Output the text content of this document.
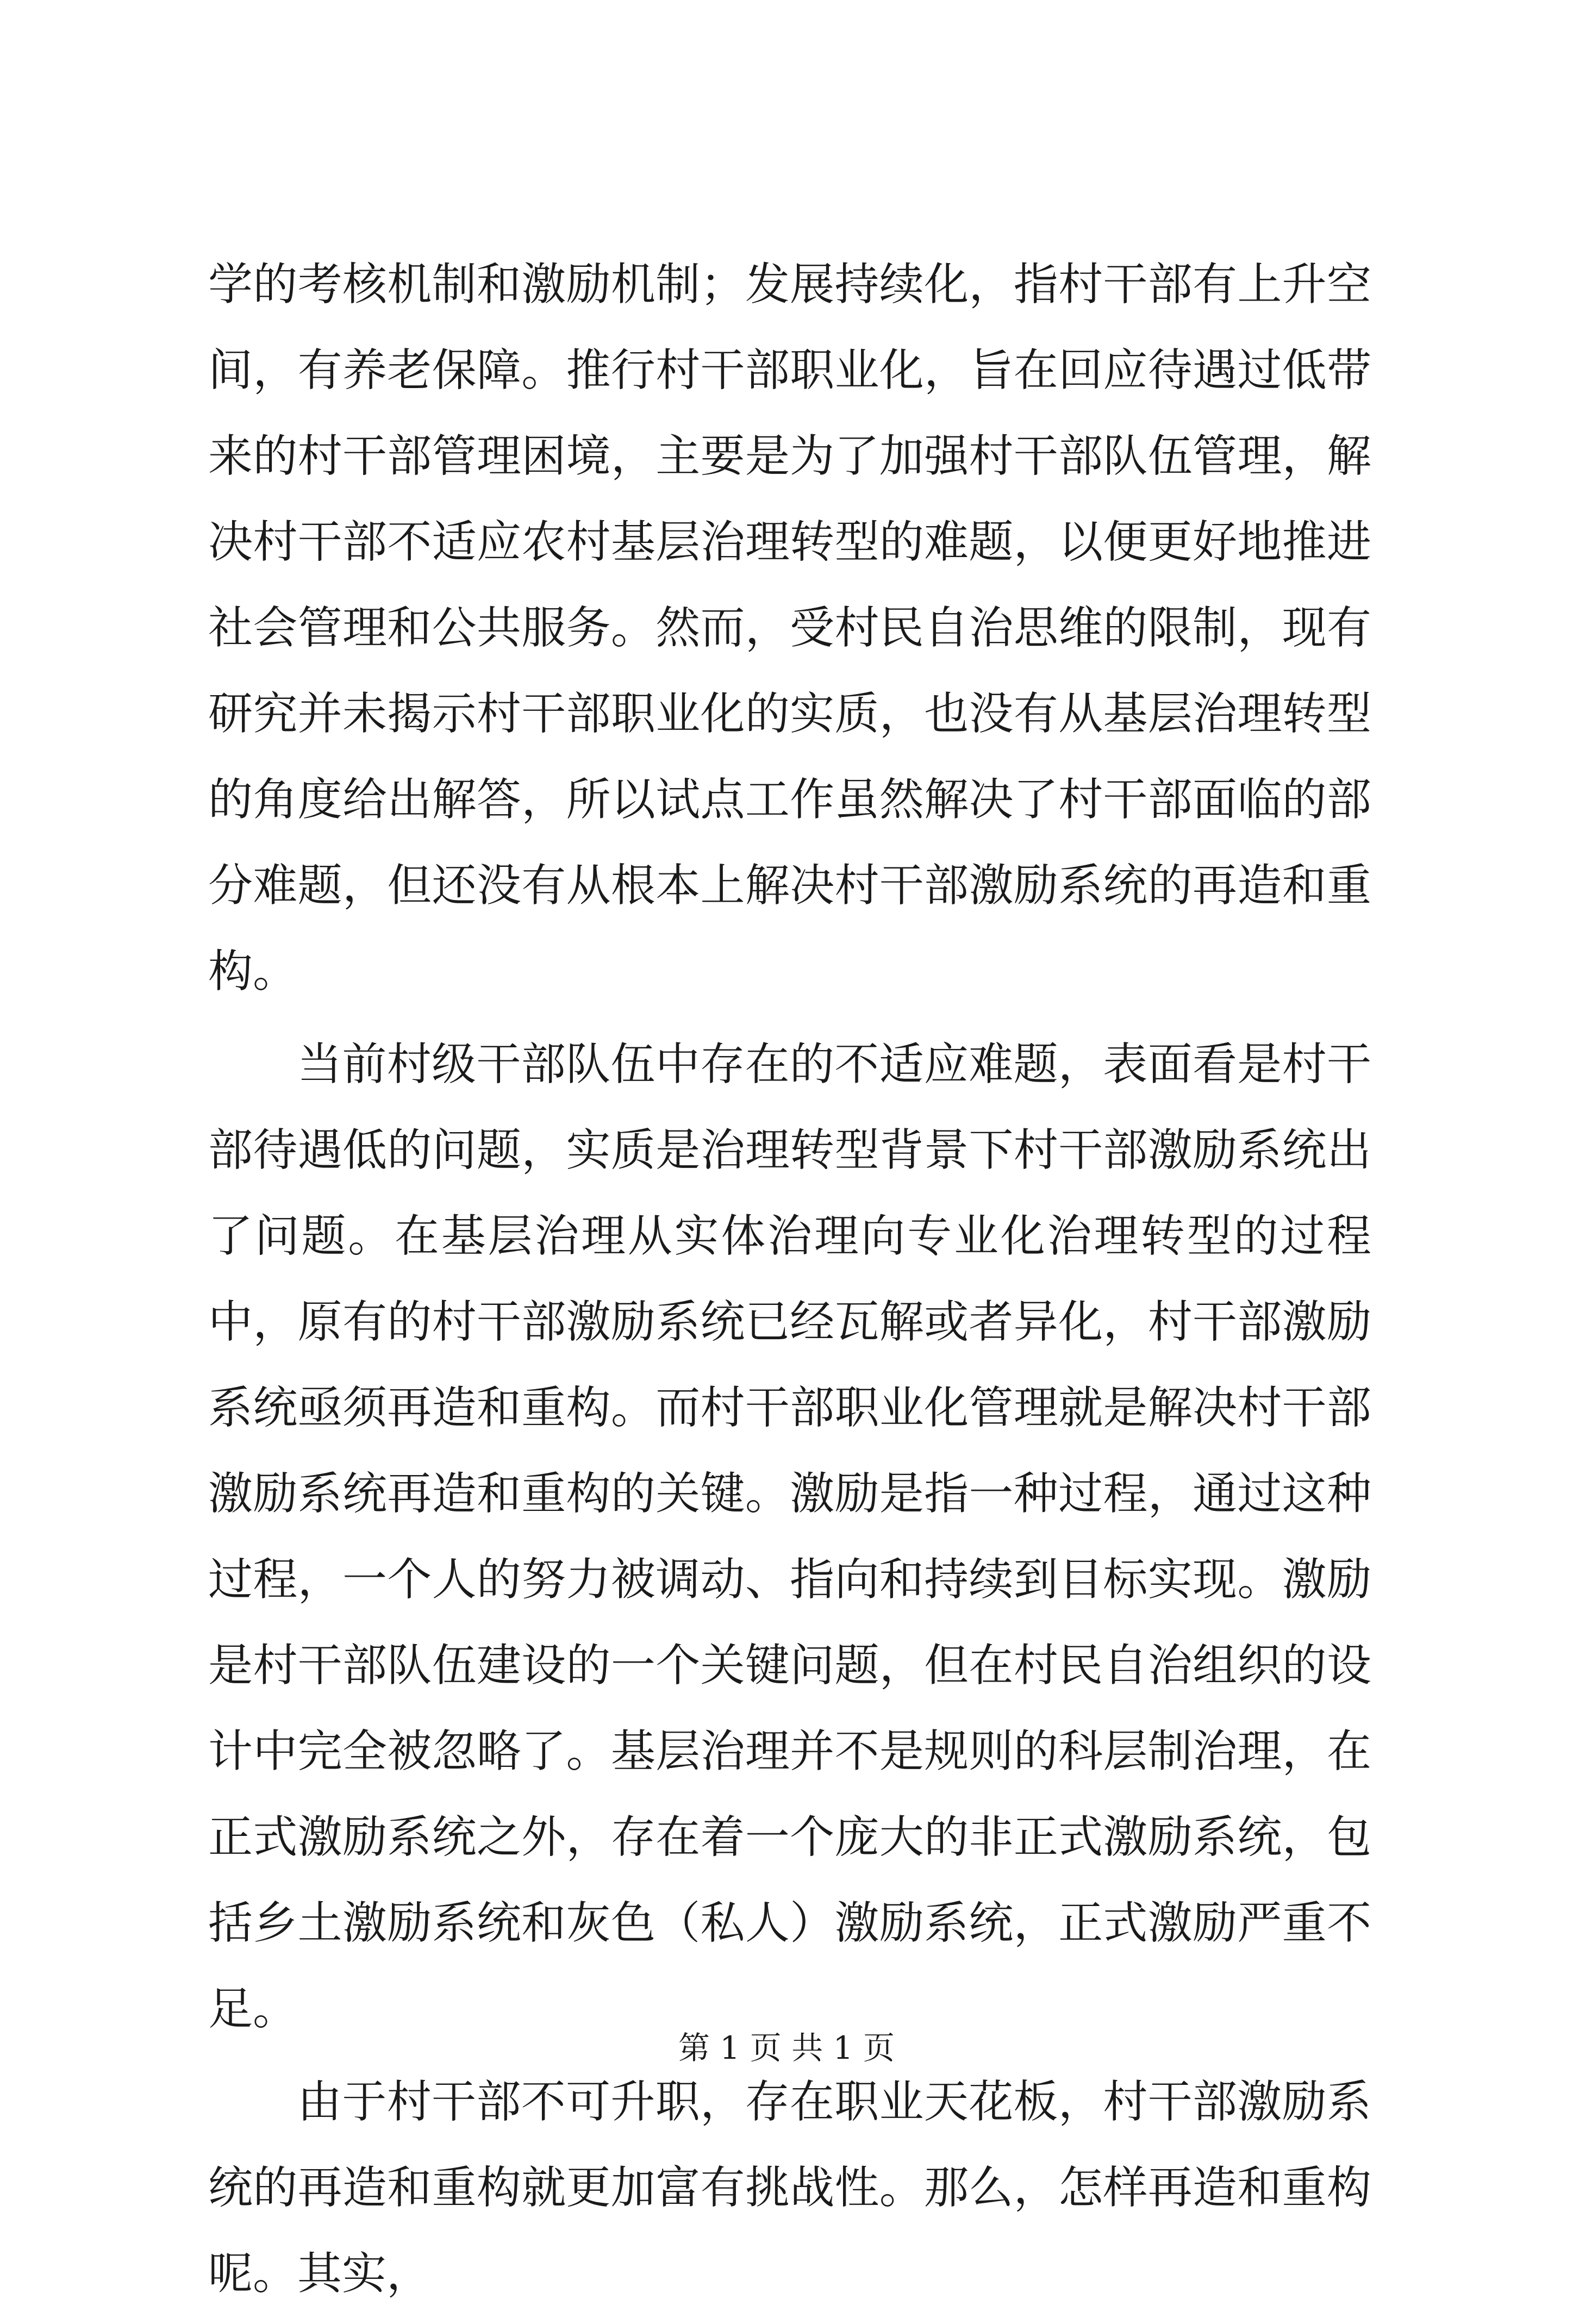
学的考核机制和激励机制；发展持续化，指村干部有上升空间，有养老保障。推行村干部职业化，旨在回应待遇过低带来的村干部管理困境，主要是为了加强村干部队伍管理，解决村干部不适应农村基层治理转型的难题，以便更好地推进社会管理和公共服务。然而，受村民自治思维的限制，现有研究并未揭示村干部职业化的实质，也没有从基层治理转型的角度给出解答，所以试点工作虽然解决了村干部面临的部分难题，但还没有从根本上解决村干部激励系统的再造和重构。

当前村级干部队伍中存在的不适应难题，表面看是村干部待遇低的问题，实质是治理转型背景下村干部激励系统出了问题。在基层治理从实体治理向专业化治理转型的过程中，原有的村干部激励系统已经瓦解或者异化，村干部激励系统亟须再造和重构。而村干部职业化管理就是解决村干部激励系统再造和重构的关键。激励是指一种过程，通过这种过程，一个人的努力被调动、指向和持续到目标实现。激励是村干部队伍建设的一个关键问题，但在村民自治组织的设计中完全被忽略了。基层治理并不是规则的科层制治理，在正式激励系统之外，存在着一个庞大的非正式激励系统，包括乡土激励系统和灰色（私人）激励系统，正式激励严重不足。

由于村干部不可升职，存在职业天花板，村干部激励系统的再造和重构就更加富有挑战性。那么，怎样再造和重构呢。其实，

第 1 页 共 1 页
